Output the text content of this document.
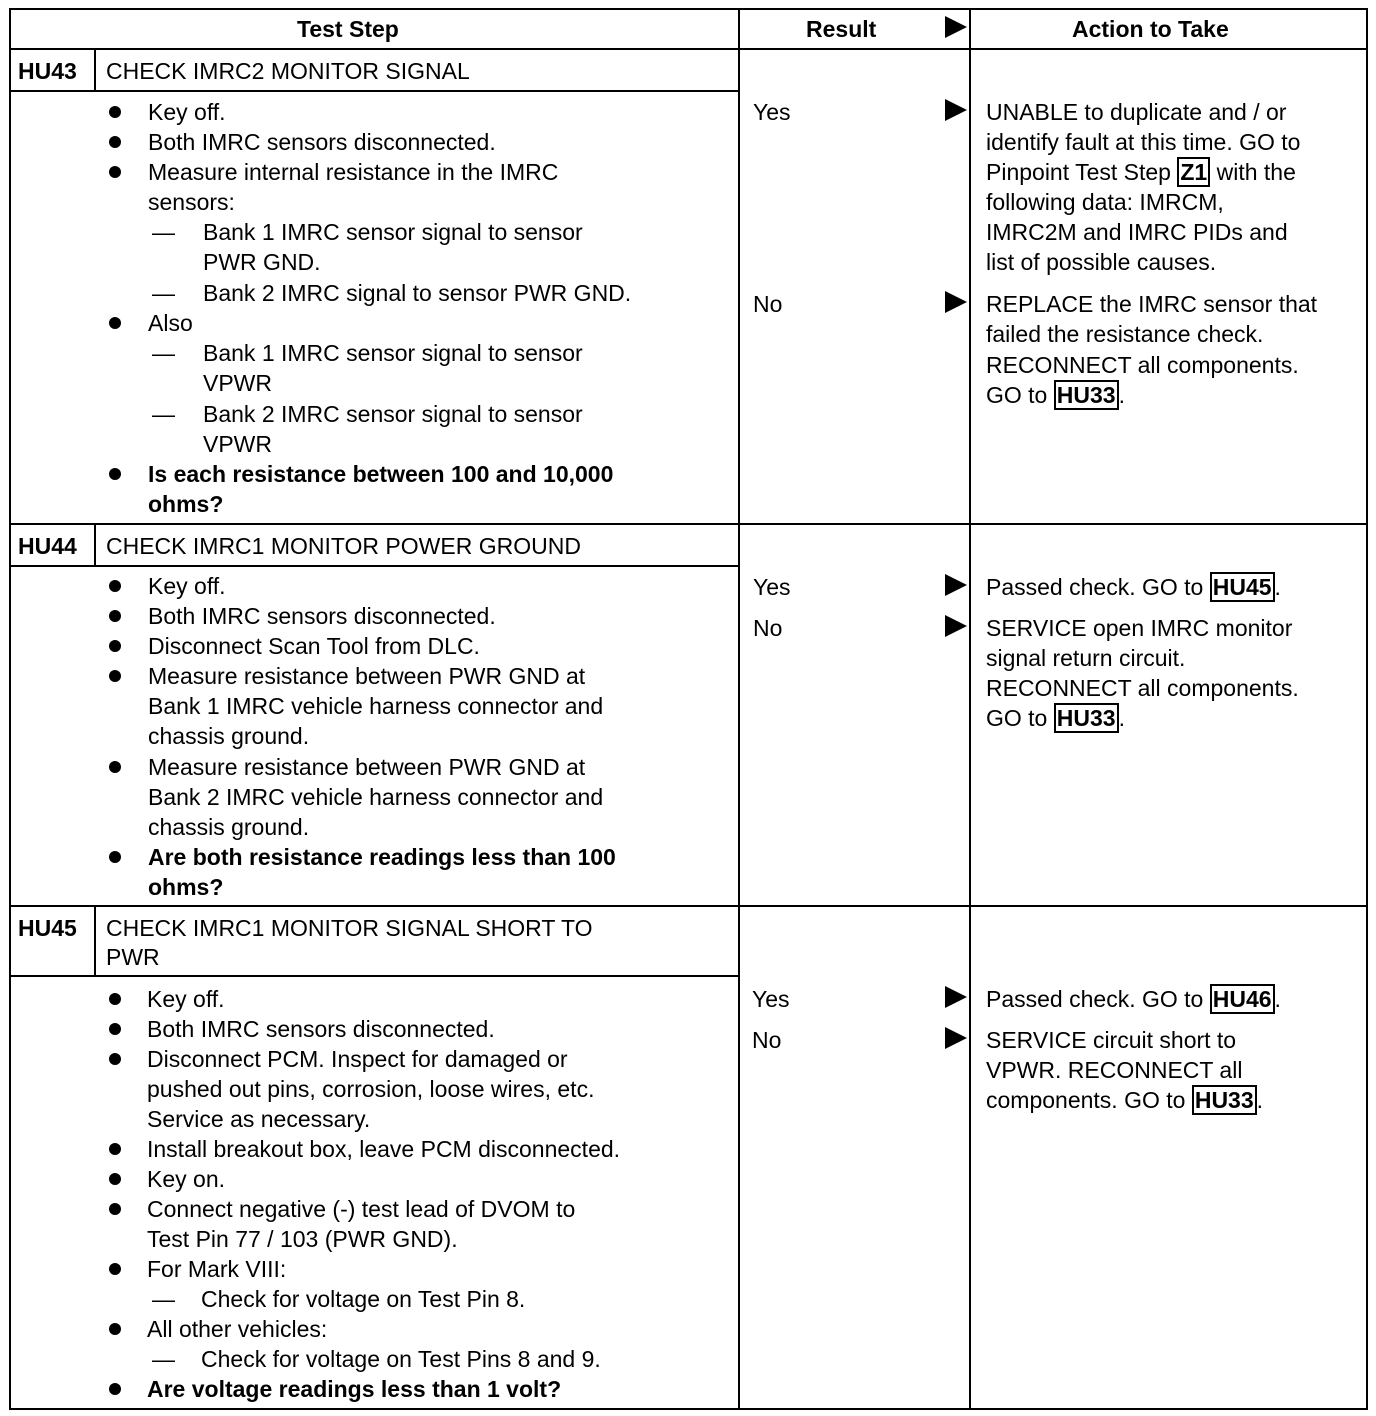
Test Step	Result	Action to Take
HU43 CHECK IMRC2 MONITOR SIGNAL
Key off.
Both IMRC sensors disconnected.
Measure internal resistance in the IMRC
sensors:
— Bank 1 IMRC sensor signal to sensor
PWR GND.
— Bank 2 IMRC signal to sensor PWR GND.
Also
— Bank 1 IMRC sensor signal to sensor
VPWR
— Bank 2 IMRC sensor signal to sensor
VPWR
Is each resistance between 100 and 10,000
ohms?
Yes
No
UNABLE to duplicate and / or
identify fault at this time. GO to
Pinpoint Test Step Z1 with the
following data: IMRCM,
IMRC2M and IMRC PIDs and
list of possible causes.
REPLACE the IMRC sensor that
failed the resistance check.
RECONNECT all components.
GO to HU33 .
HU44 CHECK IMRC1 MONITOR POWER GROUND
Key off.
Both IMRC sensors disconnected.
Disconnect Scan Tool from DLC.
Measure resistance between PWR GND at
Bank 1 IMRC vehicle harness connector and
chassis ground.
Measure resistance between PWR GND at
Bank 2 IMRC vehicle harness connector and
chassis ground.
Are both resistance readings less than 100
ohms?
Yes
No
Passed check. GO to HU45 .
SERVICE open IMRC monitor
signal return circuit.
RECONNECT all components.
GO to HU33 .
HU45 CHECK IMRC1 MONITOR SIGNAL SHORT TO
PWR
Key off.
Both IMRC sensors disconnected.
Disconnect PCM. Inspect for damaged or
pushed out pins, corrosion, loose wires, etc.
Service as necessary.
Install breakout box, leave PCM disconnected.
Key on.
Connect negative (-) test lead of DVOM to
Test Pin 77 / 103 (PWR GND).
For Mark VIII:
— Check for voltage on Test Pin 8.
All other vehicles:
— Check for voltage on Test Pins 8 and 9.
Are voltage readings less than 1 volt?
Yes
No
Passed check. GO to HU46 .
SERVICE circuit short to
VPWR. RECONNECT all
components. GO to HU33 .
